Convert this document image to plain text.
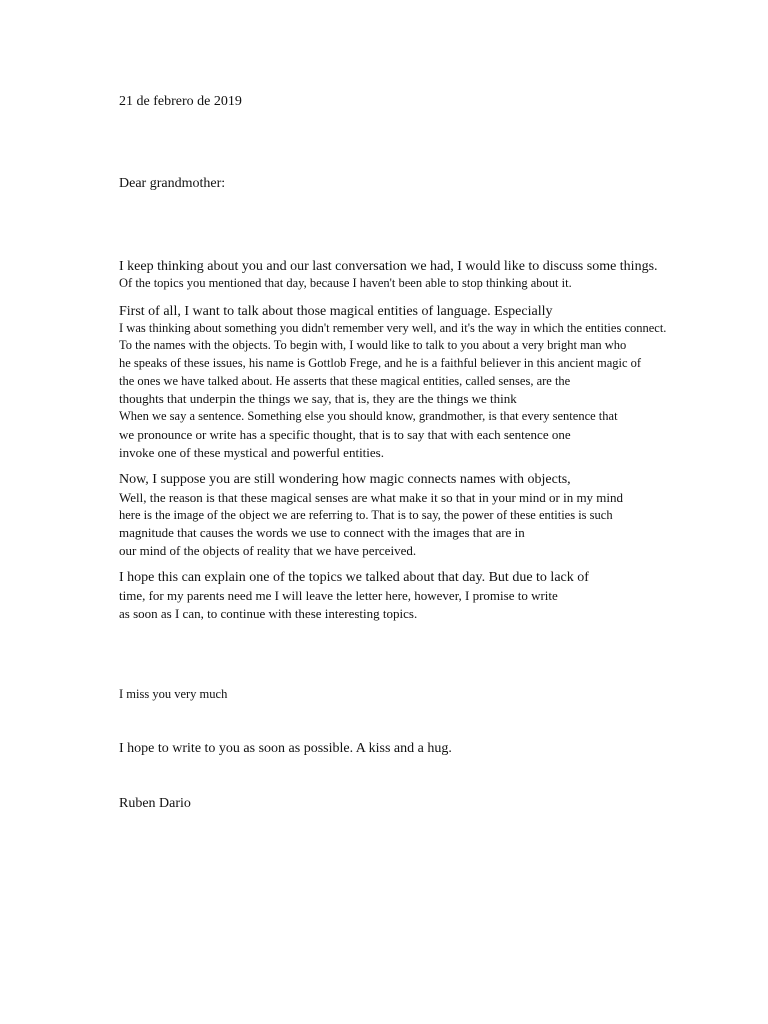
21 de febrero de 2019
Dear grandmother:
I keep thinking about you and our last conversation we had, I would like to discuss some things.
Of the topics you mentioned that day, because I haven't been able to stop thinking about it.
First of all, I want to talk about those magical entities of language. Especially
I was thinking about something you didn't remember very well, and it's the way in which the entities connect.
To the names with the objects. To begin with, I would like to talk to you about a very bright man who
he speaks of these issues, his name is Gottlob Frege, and he is a faithful believer in this ancient magic of
the ones we have talked about. He asserts that these magical entities, called senses, are the
thoughts that underpin the things we say, that is, they are the things we think
When we say a sentence. Something else you should know, grandmother, is that every sentence that
we pronounce or write has a specific thought, that is to say that with each sentence one
invoke one of these mystical and powerful entities.
Now, I suppose you are still wondering how magic connects names with objects,
Well, the reason is that these magical senses are what make it so that in your mind or in my mind
here is the image of the object we are referring to. That is to say, the power of these entities is such
magnitude that causes the words we use to connect with the images that are in
our mind of the objects of reality that we have perceived.
I hope this can explain one of the topics we talked about that day. But due to lack of
time, for my parents need me I will leave the letter here, however, I promise to write
as soon as I can, to continue with these interesting topics.
I miss you very much
I hope to write to you as soon as possible. A kiss and a hug.
Ruben Dario
